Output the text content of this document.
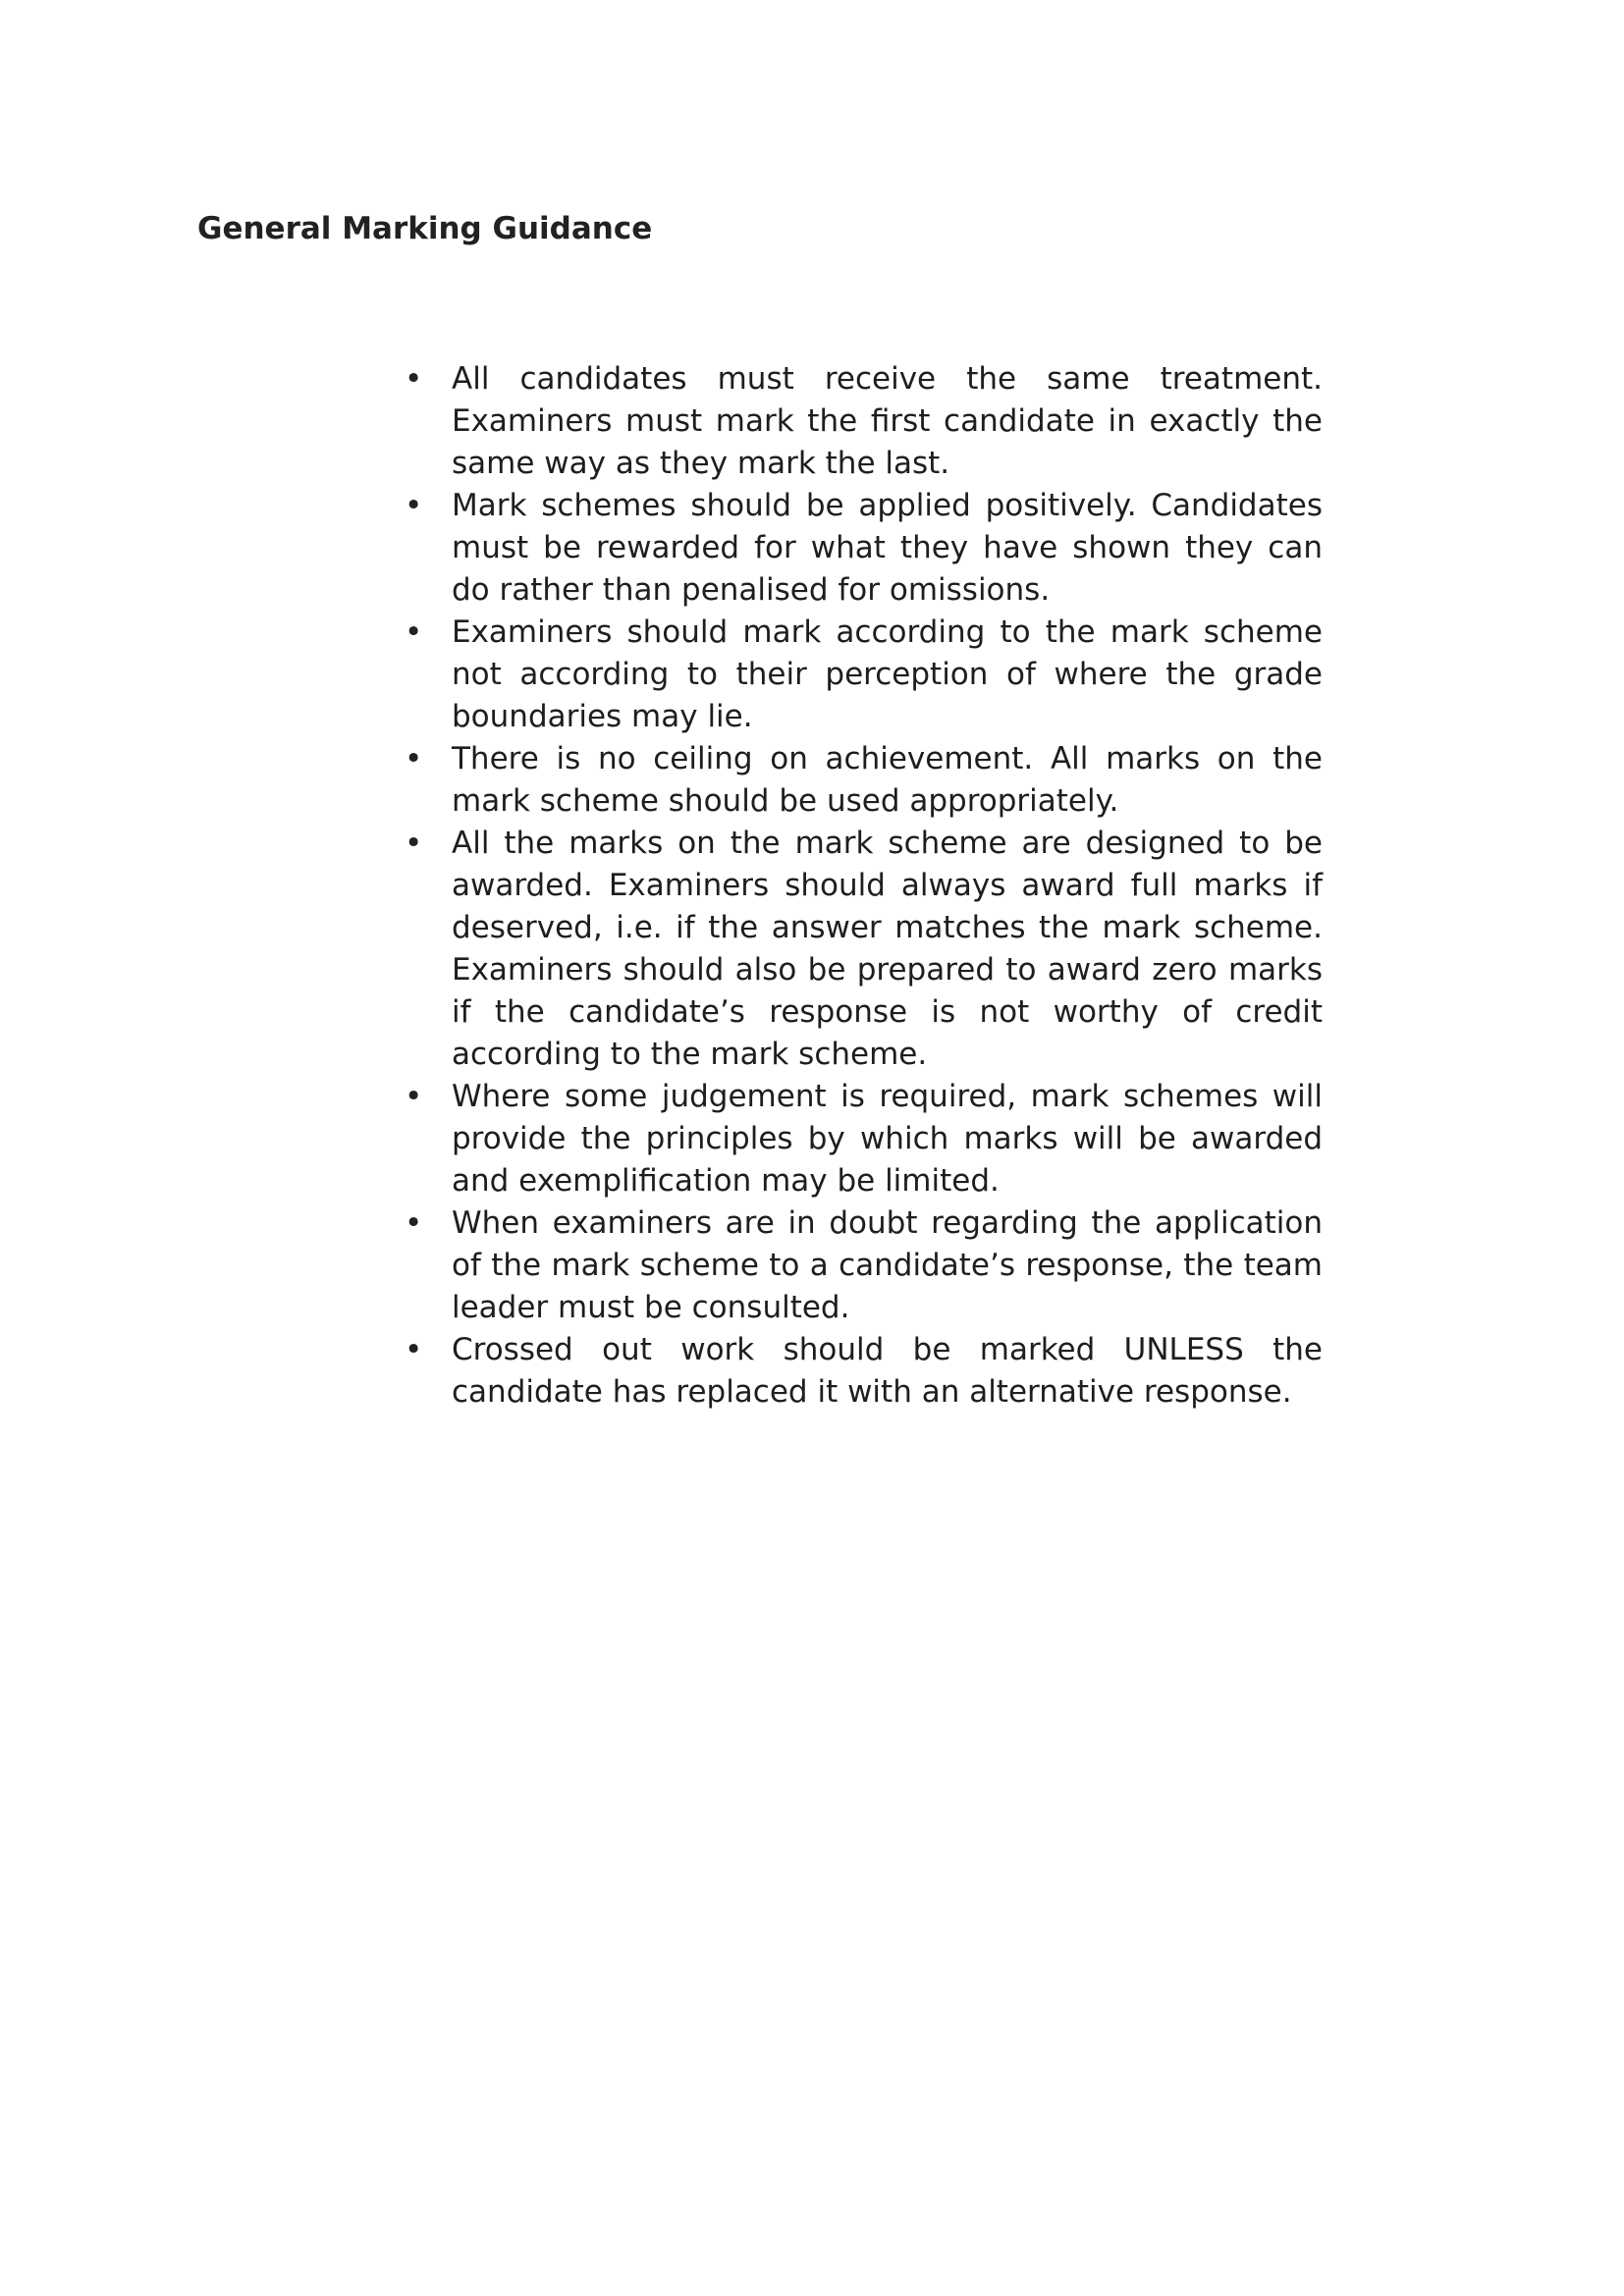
General Marking Guidance
• All candidates must receive the same treatment. Examiners must mark the first candidate in exactly the same way as they mark the last.
• Mark schemes should be applied positively. Candidates must be rewarded for what they have shown they can do rather than penalised for omissions.
• Examiners should mark according to the mark scheme not according to their perception of where the grade boundaries may lie.
• There is no ceiling on achievement. All marks on the mark scheme should be used appropriately.
• All the marks on the mark scheme are designed to be awarded. Examiners should always award full marks if deserved, i.e. if the answer matches the mark scheme. Examiners should also be prepared to award zero marks if the candidate’s response is not worthy of credit according to the mark scheme.
• Where some judgement is required, mark schemes will provide the principles by which marks will be awarded and exemplification may be limited.
• When examiners are in doubt regarding the application of the mark scheme to a candidate’s response, the team leader must be consulted.
• Crossed out work should be marked UNLESS the candidate has replaced it with an alternative response.
